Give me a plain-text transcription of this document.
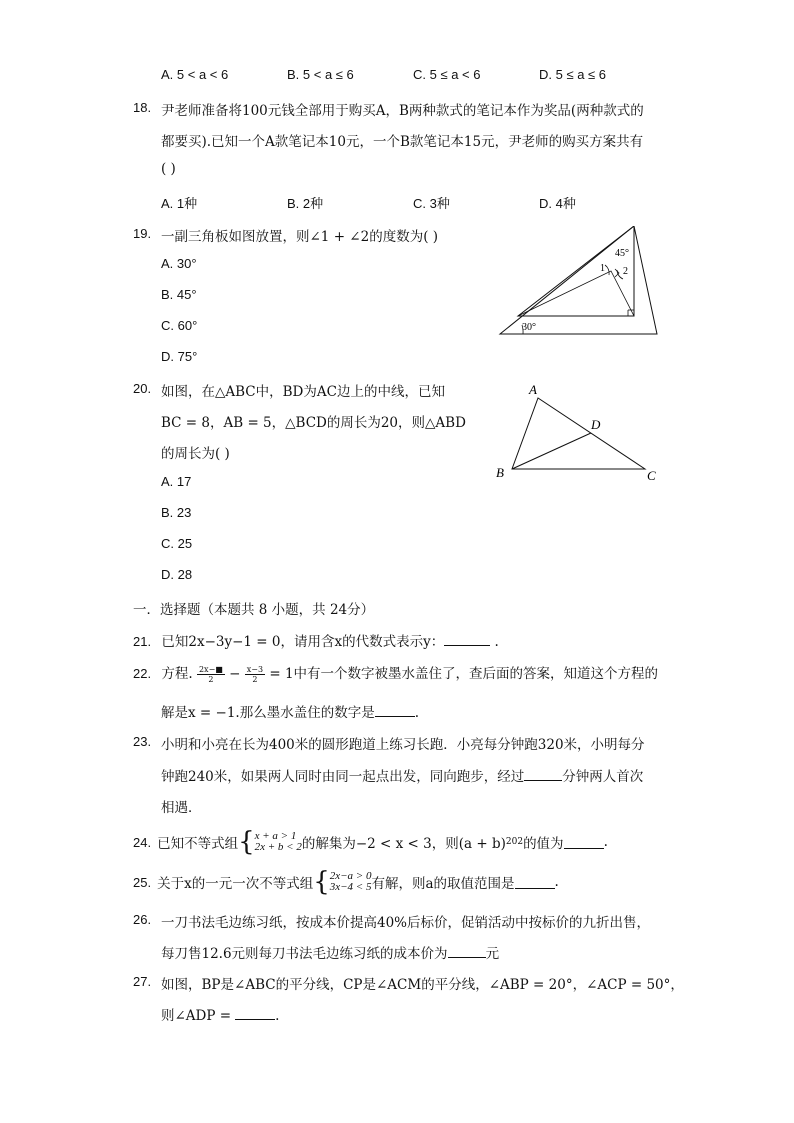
A. 5 < a < 6	B. 5 < a ≤ 6	C. 5 ≤ a < 6	D. 5 ≤ a ≤ 6
18. 尹老师准备将100元钱全部用于购买A，B两种款式的笔记本作为奖品(两种款式的
都要买).已知一个A款笔记本10元，一个B款笔记本15元，尹老师的购买方案共有
( )
A. 1种	B. 2种	C. 3种	D. 4种
19. 一副三角板如图放置，则∠1 + ∠2的度数为( )
A. 30°
B. 45°
C. 60°
D. 75°
45°
1 2
30°
20. 如图，在△ABC中，BD为AC边上的中线，已知
BC = 8，AB = 5，△BCD的周长为20，则△ABD
的周长为( )
A. 17
B. 23
C. 25
D. 28
A
B	C
D
一．选择题（本题共 8 小题，共 24分）
21. 已知2x−3y−1 = 0，请用含x的代数式表示y：	.
22. 方程. $\frac{2x-■}{2} - \frac{x-3}{2} = 1$中有一个数字被墨水盖住了，查后面的答案，知道这个方程的
解是x = −1.那么墨水盖住的数字是	.
23. 小明和小亮在长为400米的圆形跑道上练习长跑．小亮每分钟跑320米，小明每分
钟跑240米，如果两人同时由同一起点出发，同向跑步，经过	分钟两人首次
相遇．
24. 已知不等式组 { x + a > 1
2x + b < 2 的解集为−2 < x < 3，则(a + b) 202 的值为	.
25. 关于x的一元一次不等式组 { 2x−a > 0
3x−4 < 5 有解，则a的取值范围是	.
26. 一刀书法毛边练习纸，按成本价提高40%后标价，促销活动中按标价的九折出售，
每刀售12.6元则每刀书法毛边练习纸的成本价为	元
27. 如图，BP是∠ABC的平分线，CP是∠ACM的平分线，∠ABP = 20°，∠ACP = 50°，
则∠ADP =	.
